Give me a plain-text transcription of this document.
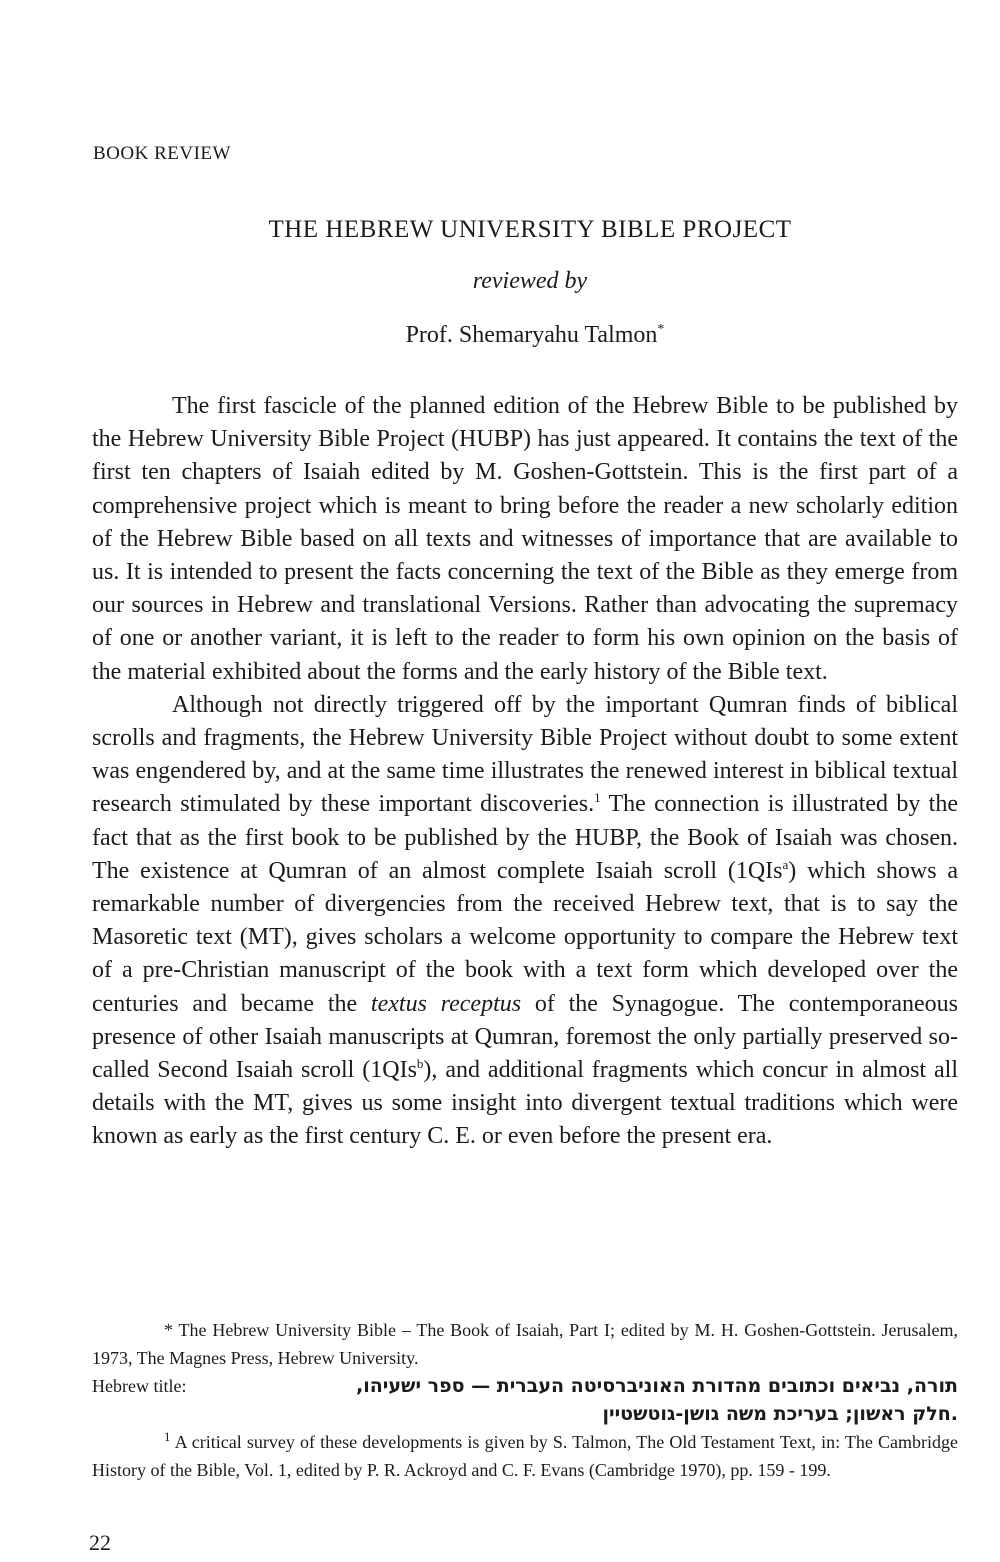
BOOK REVIEW
THE HEBREW UNIVERSITY BIBLE PROJECT
reviewed by
Prof. Shemaryahu Talmon*

The first fascicle of the planned edition of the Hebrew Bible to be published by the Hebrew University Bible Project (HUBP) has just appeared. It contains the text of the first ten chapters of Isaiah edited by M. Goshen-Gottstein. This is the first part of a comprehensive project which is meant to bring before the reader a new scholarly edition of the Hebrew Bible based on all texts and witnesses of importance that are available to us. It is intended to present the facts concerning the text of the Bible as they emerge from our sources in Hebrew and translational Versions. Rather than advocating the supremacy of one or another variant, it is left to the reader to form his own opinion on the basis of the material exhibited about the forms and the early history of the Bible text.

Although not directly triggered off by the important Qumran finds of biblical scrolls and fragments, the Hebrew University Bible Project without doubt to some extent was engendered by, and at the same time illustrates the renewed interest in biblical textual research stimulated by these important discoveries.$^1$ The connection is illustrated by the fact that as the first book to be published by the HUBP, the Book of Isaiah was chosen. The existence at Qumran of an almost complete Isaiah scroll (1QIs$^a$) which shows a remarkable number of divergencies from the received Hebrew text, that is to say the Masoretic text (MT), gives scholars a welcome opportunity to compare the Hebrew text of a pre-Christian manuscript of the book with a text form which developed over the centuries and became the textus receptus of the Synagogue. The contemporaneous presence of other Isaiah manuscripts at Qumran, foremost the only partially preserved so-called Second Isaiah scroll (1QIs$^b$), and additional fragments which concur in almost all details with the MT, gives us some insight into divergent textual traditions which were known as early as the first century C. E. or even before the present era.

* The Hebrew University Bible – The Book of Isaiah, Part I; edited by M. H. Goshen-Gottstein. Jerusalem, 1973, The Magnes Press, Hebrew University.

Hebrew title:	תורה, נביאים וכתובים מהדורת האוניברסיטה העברית — ספר ישעיהו,
חלק ראשון; בעריכת משה גושן-גוטשטיין.

$^1$ A critical survey of these developments is given by S. Talmon, The Old Testament Text, in: The Cambridge History of the Bible, Vol. 1, edited by P. R. Ackroyd and C. F. Evans (Cambridge 1970), pp. 159 - 199.

22
